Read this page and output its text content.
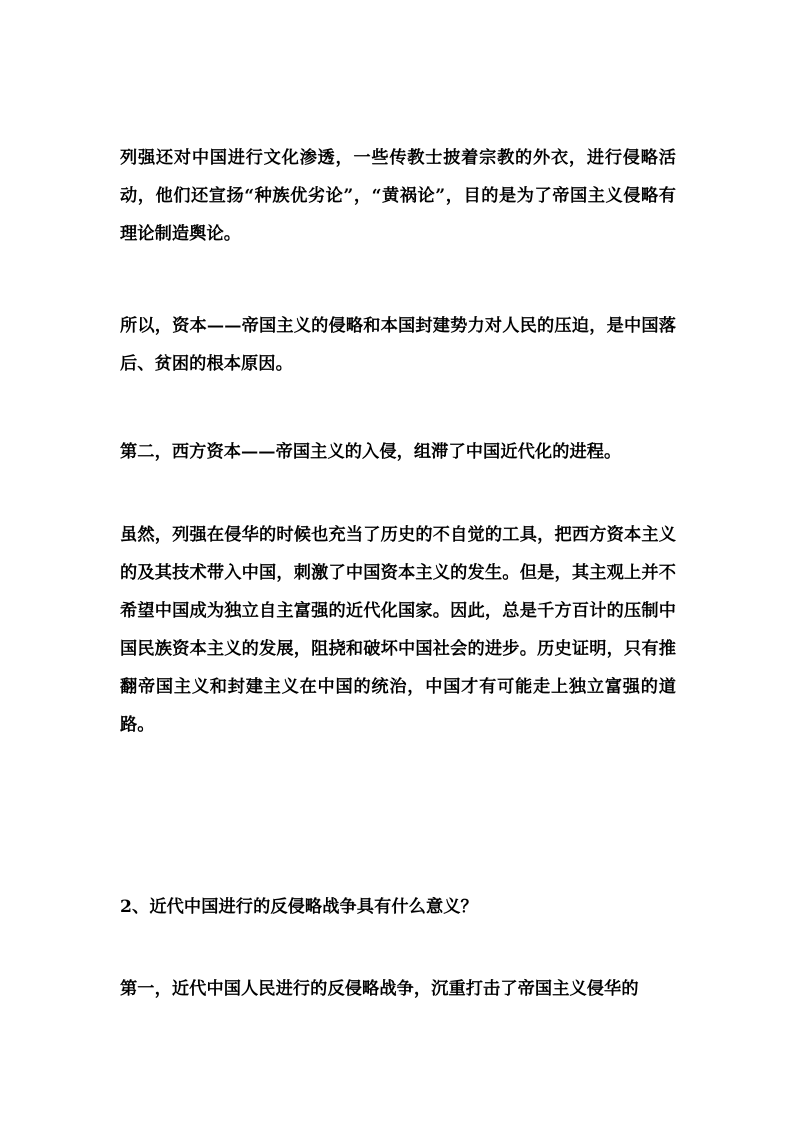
列强还对中国进行文化渗透，一些传教士披着宗教的外衣，进行侵略活动，他们还宣扬“种族优劣论”，“黄祸论”，目的是为了帝国主义侵略有理论制造舆论。

所以，资本——帝国主义的侵略和本国封建势力对人民的压迫，是中国落后、贫困的根本原因。

第二，西方资本——帝国主义的入侵，组滞了中国近代化的进程。

虽然，列强在侵华的时候也充当了历史的不自觉的工具，把西方资本主义的及其技术带入中国，刺激了中国资本主义的发生。但是，其主观上并不希望中国成为独立自主富强的近代化国家。因此，总是千方百计的压制中国民族资本主义的发展，阻挠和破坏中国社会的进步。历史证明，只有推翻帝国主义和封建主义在中国的统治，中国才有可能走上独立富强的道路。

2、近代中国进行的反侵略战争具有什么意义？

第一，近代中国人民进行的反侵略战争，沉重打击了帝国主义侵华的
